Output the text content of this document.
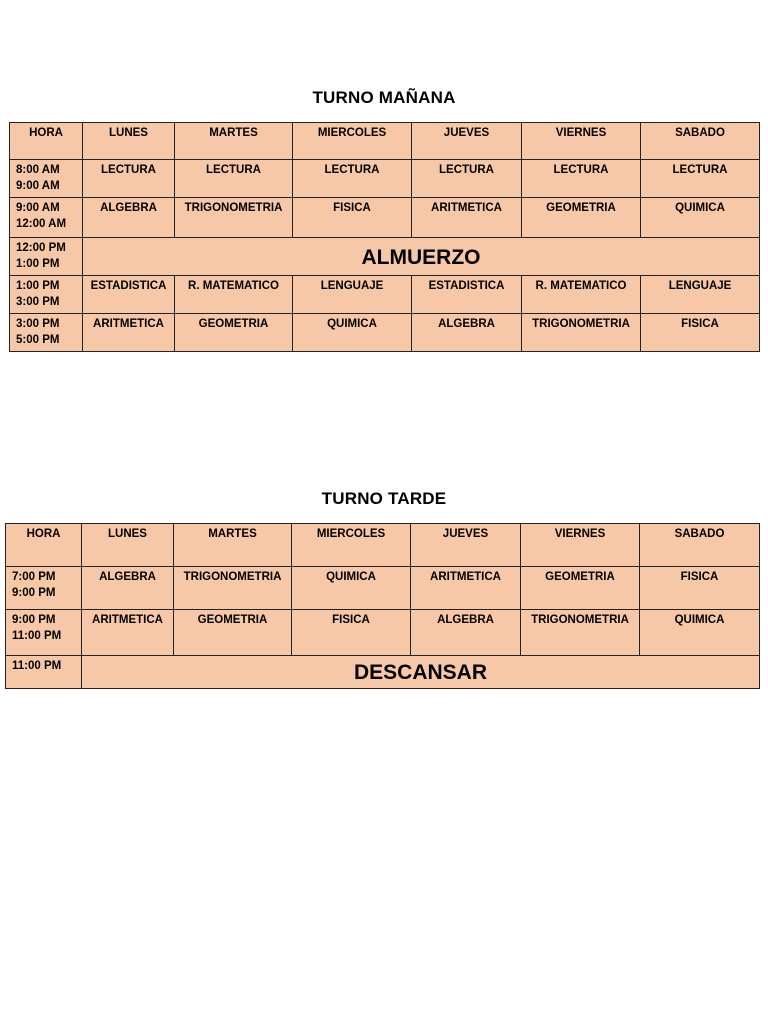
TURNO MAÑANA
HORA	LUNES	MARTES	MIERCOLES	JUEVES	VIERNES	SABADO

8:00 AM
9:00 AM	LECTURA	LECTURA	LECTURA	LECTURA	LECTURA	LECTURA

9:00 AM
12:00 AM	ALGEBRA	TRIGONOMETRIA	FISICA	ARITMETICA	GEOMETRIA	QUIMICA

12:00 PM
1:00 PM	ALMUERZO					

1:00 PM
3:00 PM	ESTADISTICA	R. MATEMATICO	LENGUAJE	ESTADISTICA	R. MATEMATICO	LENGUAJE

3:00 PM
5:00 PM	ARITMETICA	GEOMETRIA	QUIMICA	ALGEBRA	TRIGONOMETRIA	FISICA
TURNO TARDE
HORA	LUNES	MARTES	MIERCOLES	JUEVES	VIERNES	SABADO

7:00 PM
9:00 PM	ALGEBRA	TRIGONOMETRIA	QUIMICA	ARITMETICA	GEOMETRIA	FISICA

9:00 PM
11:00 PM	ARITMETICA	GEOMETRIA	FISICA	ALGEBRA	TRIGONOMETRIA	QUIMICA

11:00 PM	DESCANSAR					
